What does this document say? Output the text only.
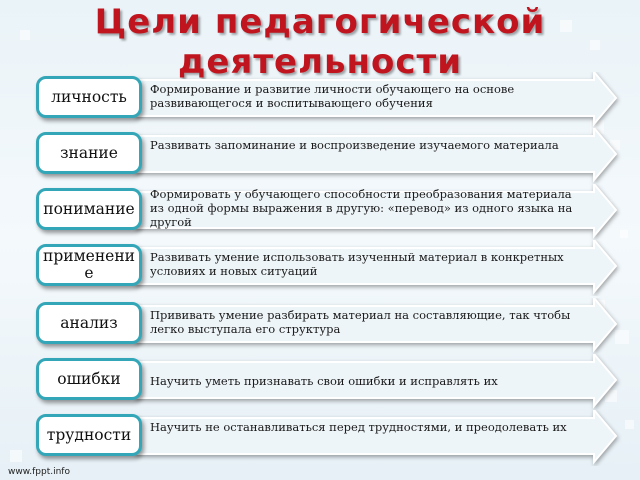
Цели педагогической деятельности
Формирование и развитие личности обучающего на основе развивающегося и воспитывающего обучения
личность
Развивать запоминание и воспроизведение изучаемого материала
знание
Формировать у обучающего способности преобразования материала из одной формы выражения в другую: «перевод» из одного языка на другой
понимание
Развивать умение использовать изученный материал в конкретных условиях и новых ситуаций
применение
Прививать умение разбирать материал на составляющие, так чтобы легко выступала его структура
анализ
Научить уметь признавать свои ошибки и исправлять их
ошибки
Научить не останавливаться перед трудностями, и преодолевать их
трудности
www.fppt.info
